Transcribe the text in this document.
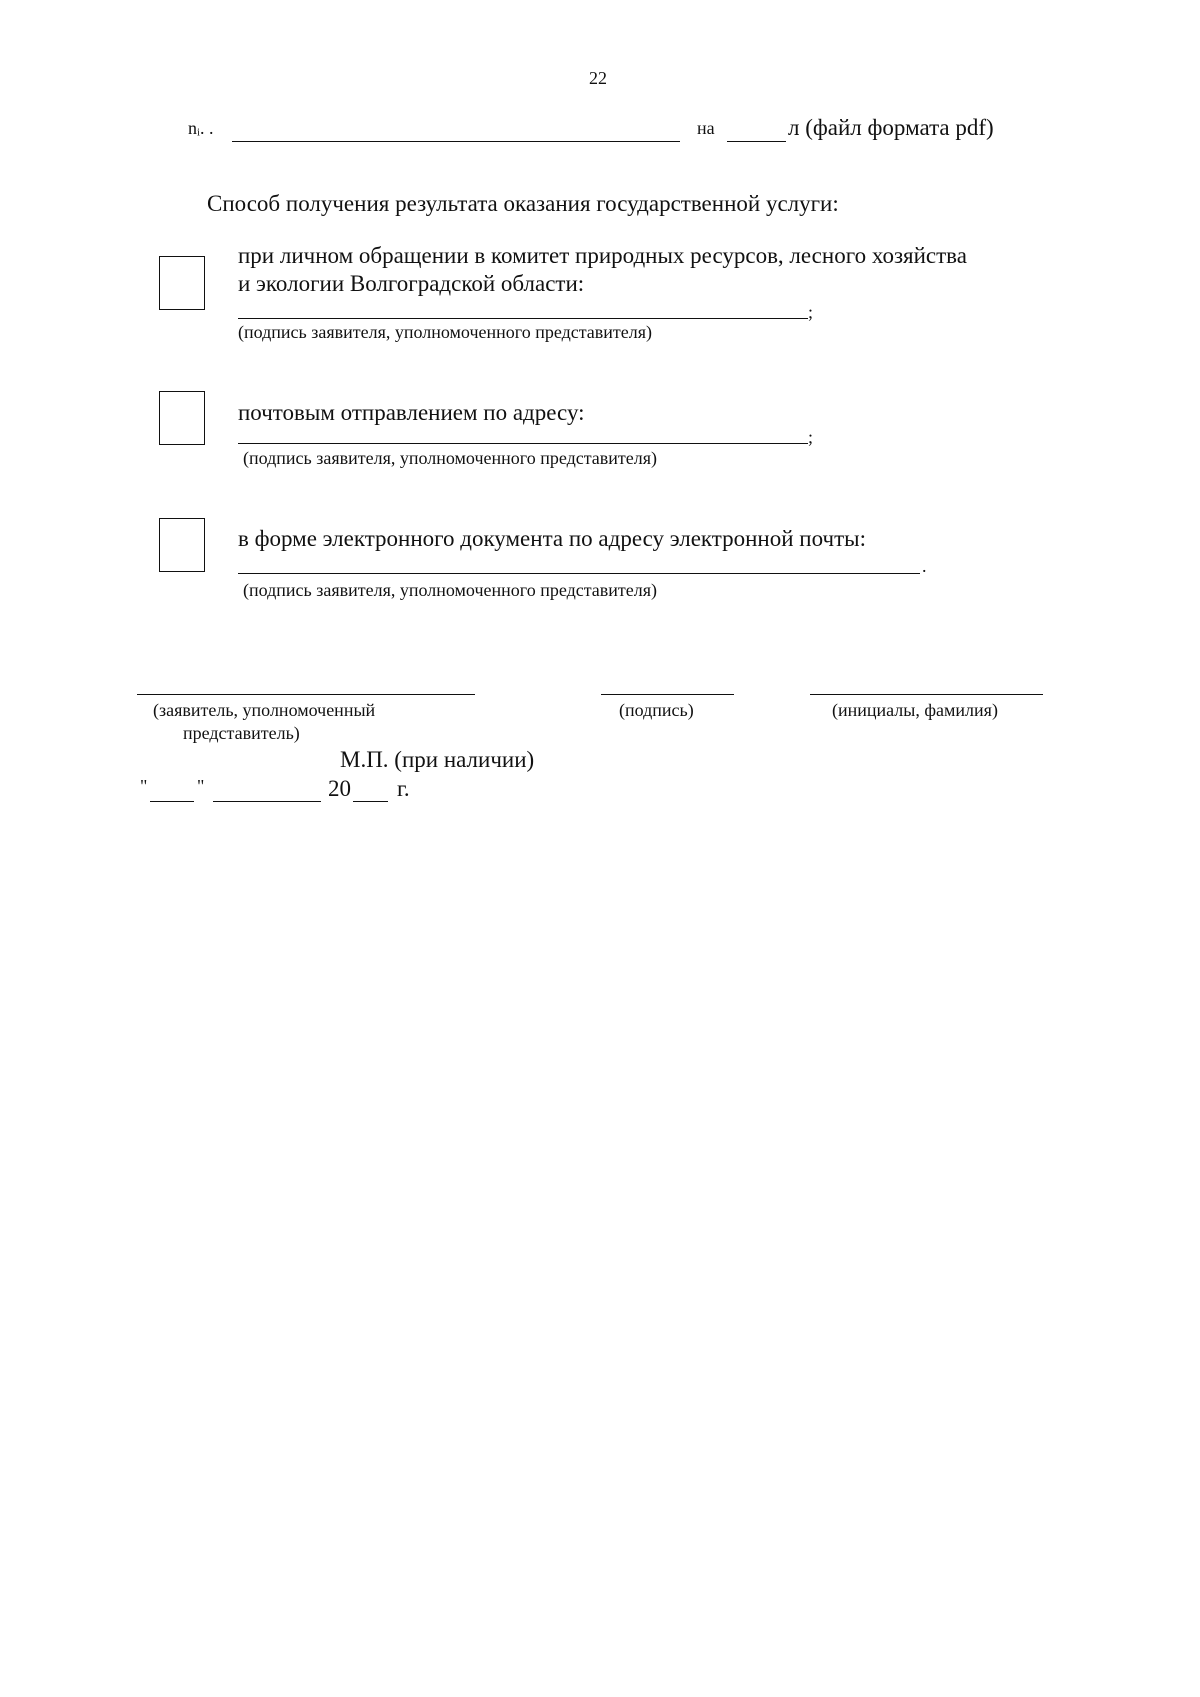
22
nᵢ. .	на	л (файл формата pdf)
Способ получения результата оказания государственной услуги:
при личном обращении в комитет природных ресурсов, лесного хозяйства
и экологии Волгоградской области:
;
(подпись заявителя, уполномоченного представителя)
почтовым отправлением по адресу:
;
(подпись заявителя, уполномоченного представителя)
в форме электронного документа по адресу электронной почты:
.
(подпись заявителя, уполномоченного представителя)
(заявитель, уполномоченный
представитель)
(подпись)	(инициалы, фамилия)
М.П. (при наличии)
"	"	20 г.
